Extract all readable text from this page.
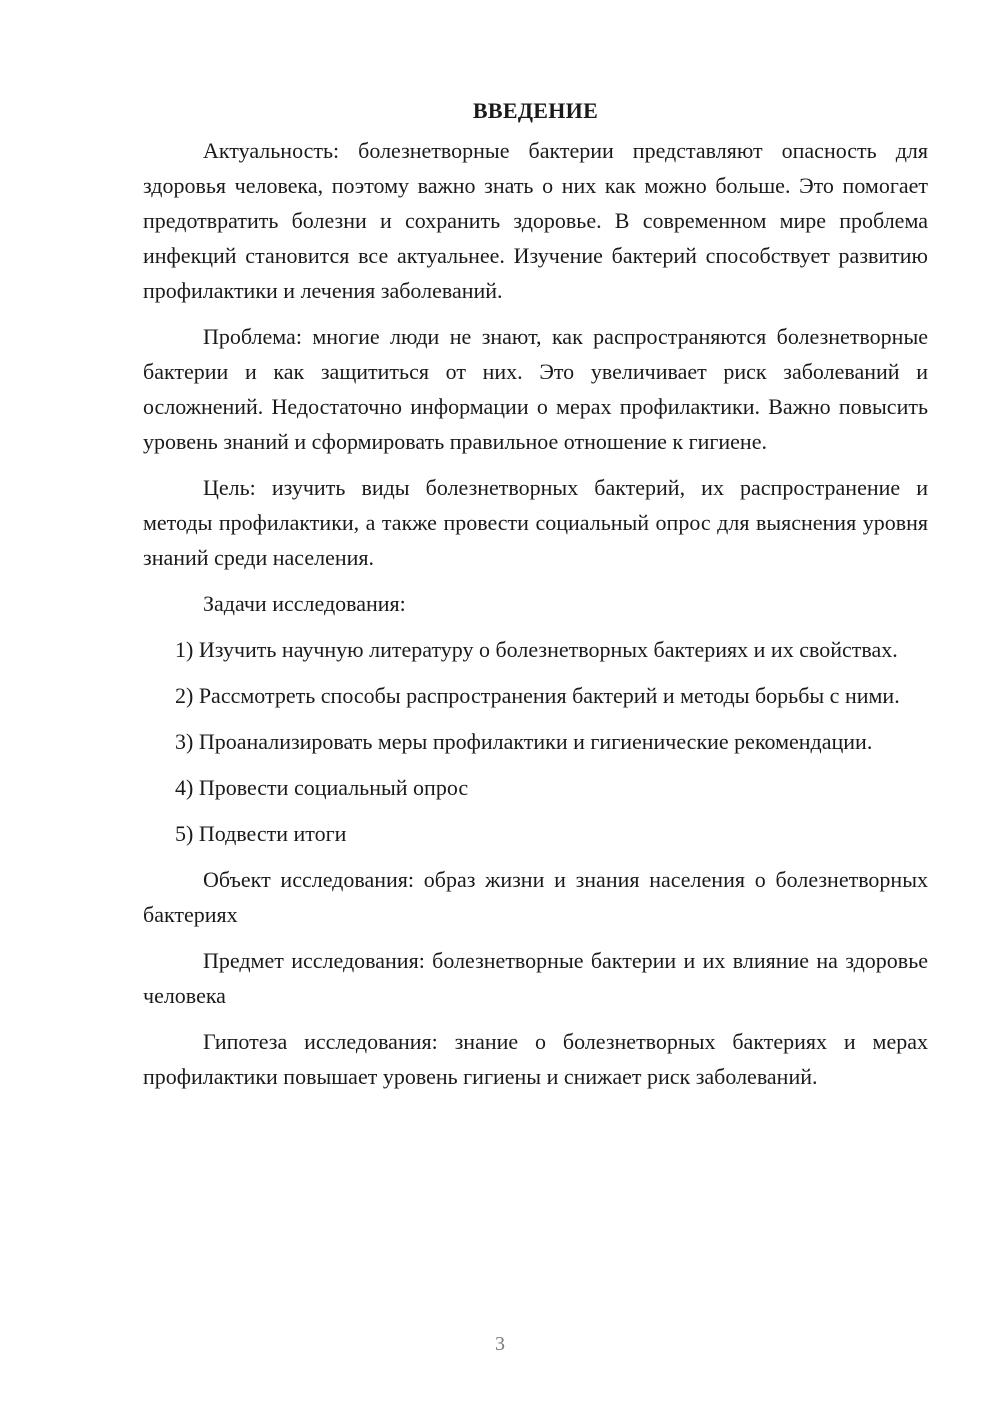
ВВЕДЕНИЕ

Актуальность: болезнетворные бактерии представляют опасность для здоровья человека, поэтому важно знать о них как можно больше. Это помогает предотвратить болезни и сохранить здоровье. В современном мире проблема инфекций становится все актуальнее. Изучение бактерий способствует развитию профилактики и лечения заболеваний.

Проблема: многие люди не знают, как распространяются болезнетворные бактерии и как защититься от них. Это увеличивает риск заболеваний и осложнений. Недостаточно информации о мерах профилактики. Важно повысить уровень знаний и сформировать правильное отношение к гигиене.

Цель: изучить виды болезнетворных бактерий, их распространение и методы профилактики, а также провести социальный опрос для выяснения уровня знаний среди населения.

Задачи исследования:

1) Изучить научную литературу о болезнетворных бактериях и их свойствах.

2) Рассмотреть способы распространения бактерий и методы борьбы с ними.

3) Проанализировать меры профилактики и гигиенические рекомендации.

4) Провести социальный опрос

5) Подвести итоги

Объект исследования: образ жизни и знания населения о болезнетворных бактериях

Предмет исследования: болезнетворные бактерии и их влияние на здоровье человека

Гипотеза исследования: знание о болезнетворных бактериях и мерах профилактики повышает уровень гигиены и снижает риск заболеваний.

3
